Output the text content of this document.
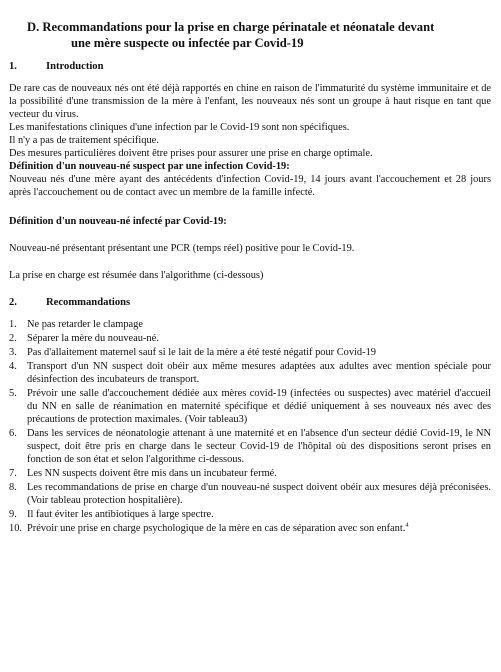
D. Recommandations pour la prise en charge périnatale et néonatale devant
une mère suspecte ou infectée par Covid-19
1.	Introduction

De rare cas de nouveaux nés ont été déjà rapportés en chine en raison de l'immaturité du système immunitaire et de la possibilité d'une transmission de la mère à l'enfant, les nouveaux nés sont un groupe à haut risque en tant que vecteur du virus.

Les manifestations cliniques d'une infection par le Covid-19 sont non spécifiques.

Il n'y a pas de traitement spécifique.

Des mesures particulières doivent être prises pour assurer une prise en charge optimale.

Définition d'un nouveau-né suspect par une infection Covid-19:

Nouveau nés d'une mère ayant des antécédents d'infection Covid-19, 14 jours avant l'accouchement et 28 jours après l'accouchement ou de contact avec un membre de la famille infecté.

Définition d'un nouveau-né infecté par Covid-19:

Nouveau-né présentant présentant une PCR (temps réel) positive pour le Covid-19.

La prise en charge est résumée dans l'algorithme (ci-dessous)

2.	Recommandations
1. Ne pas retarder le clampage
2. Séparer la mère du nouveau-né.
3. Pas d'allaitement maternel sauf si le lait de la mère a été testé négatif pour Covid-19
4. Transport d'un NN suspect doit obéir aux même mesures adaptées aux adultes avec mention spéciale pour désinfection des incubateurs de transport.
5. Prévoir une salle d'accouchement dédiée aux mères covid-19 (infectées ou suspectes) avec matériel d'accueil du NN en salle de réanimation en maternité spécifique et dédié uniquement à ses nouveaux nés avec des précautions de protection maximales. (Voir tableau3)
6. Dans les services de néonatologie attenant à une maternité et en l'absence d'un secteur dédié Covid-19, le NN suspect, doit être pris en charge dans le secteur Covid-19 de l'hôpital où des dispositions seront prises en fonction de son état et selon l'algorithme ci-dessous.
7. Les NN suspects doivent être mis dans un incubateur fermé.
8. Les recommandations de prise en charge d'un nouveau-né suspect doivent obéir aux mesures déjà préconisées. (Voir tableau protection hospitalière).
9. Il faut éviter les antibiotiques à large spectre.
10. Prévoir une prise en charge psychologique de la mère en cas de séparation avec son enfant.$^4$
